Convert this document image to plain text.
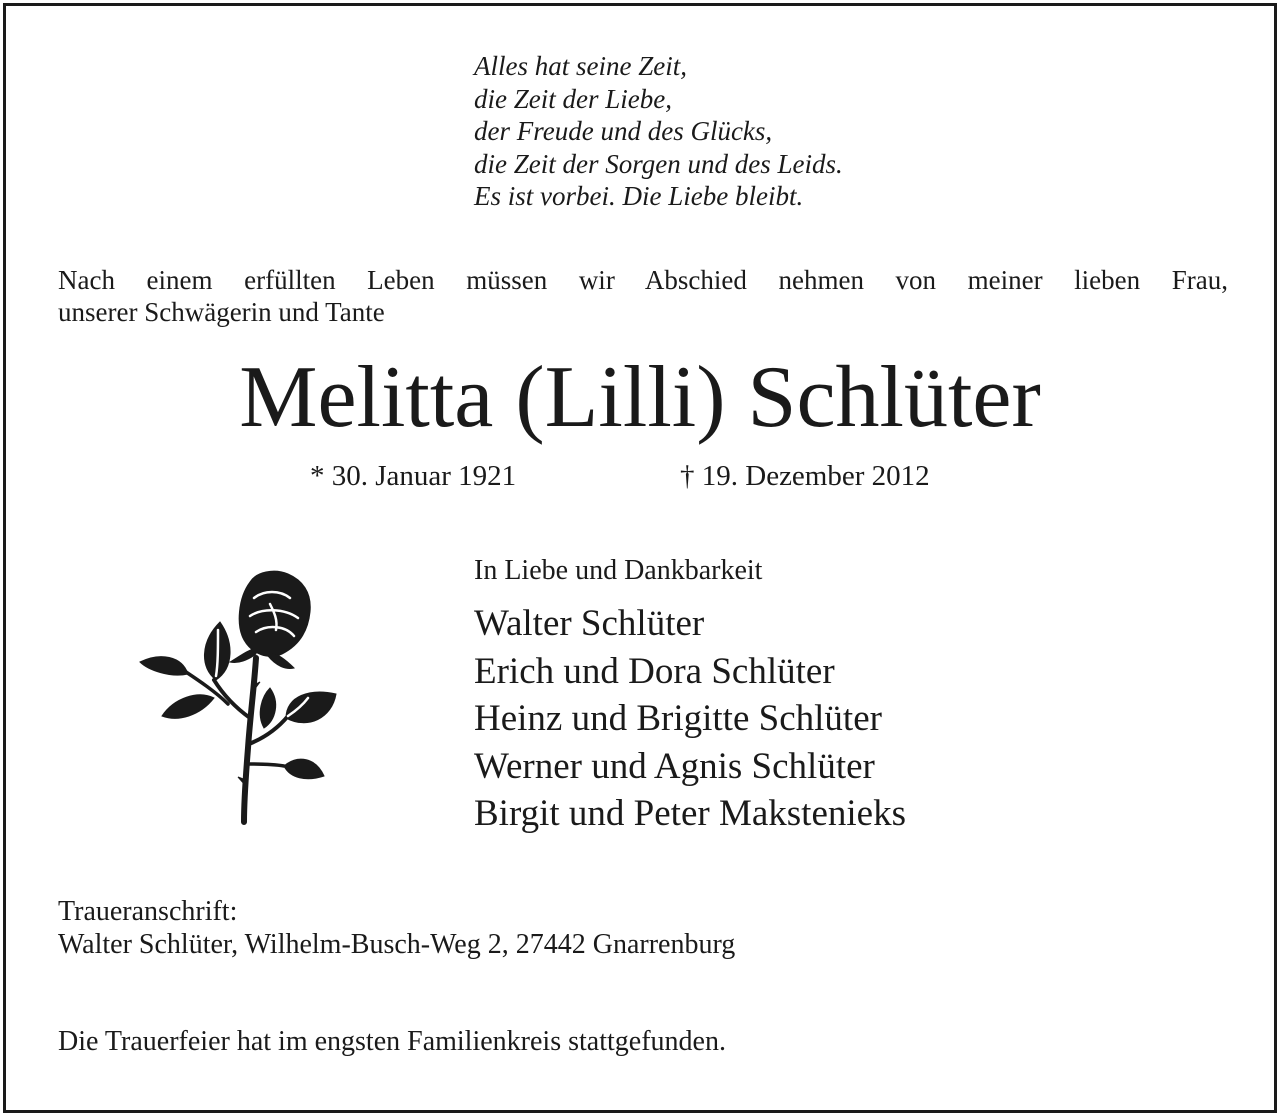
Alles hat seine Zeit,
die Zeit der Liebe,
der Freude und des Glücks,
die Zeit der Sorgen und des Leids.
Es ist vorbei. Die Liebe bleibt.
Nach einem erfüllten Leben müssen wir Abschied nehmen von meiner lieben Frau,
unserer Schwägerin und Tante
Melitta (Lilli) Schlüter
* 30. Januar 1921	† 19. Dezember 2012
In Liebe und Dankbarkeit
Walter Schlüter
Erich und Dora Schlüter
Heinz und Brigitte Schlüter
Werner und Agnis Schlüter
Birgit und Peter Makstenieks
Traueranschrift:
Walter Schlüter, Wilhelm-Busch-Weg 2, 27442 Gnarrenburg
Die Trauerfeier hat im engsten Familienkreis stattgefunden.
